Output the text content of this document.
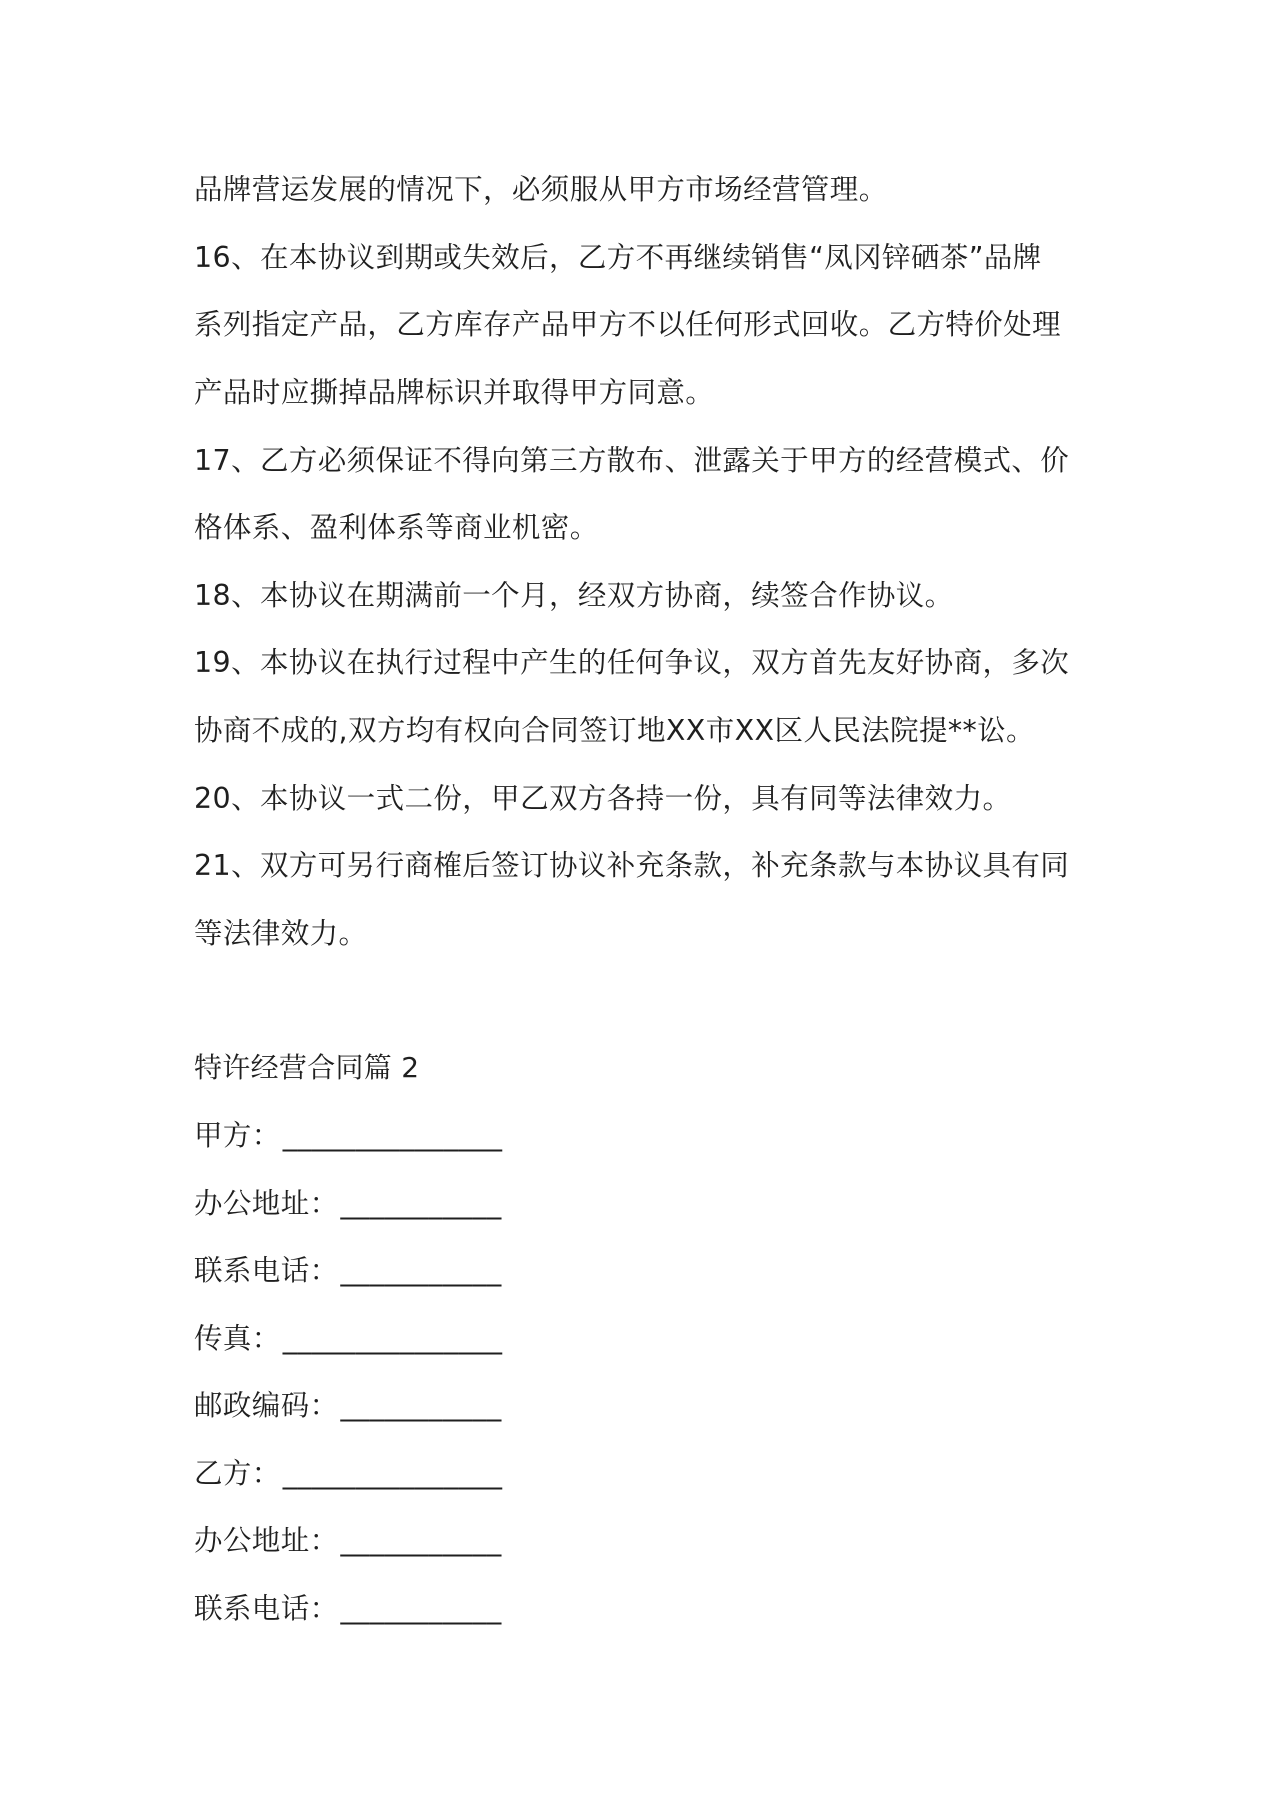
品牌营运发展的情况下，必须服从甲方市场经营管理。
16、在本协议到期或失效后，乙方不再继续销售“凤冈锌硒茶”品牌
系列指定产品，乙方库存产品甲方不以任何形式回收。乙方特价处理
产品时应撕掉品牌标识并取得甲方同意。
17、乙方必须保证不得向第三方散布、泄露关于甲方的经营模式、价
格体系、盈利体系等商业机密。
18、本协议在期满前一个月，经双方协商，续签合作协议。
19、本协议在执行过程中产生的任何争议，双方首先友好协商，多次
协商不成的,双方均有权向合同签订地XX市XX区人民法院提**讼。
20、本协议一式二份，甲乙双方各持一份，具有同等法律效力。
21、双方可另行商榷后签订协议补充条款，补充条款与本协议具有同
等法律效力。
特许经营合同篇 2
甲方：_______________
办公地址：___________
联系电话：___________
传真：_______________
邮政编码：___________
乙方：_______________
办公地址：___________
联系电话：___________
